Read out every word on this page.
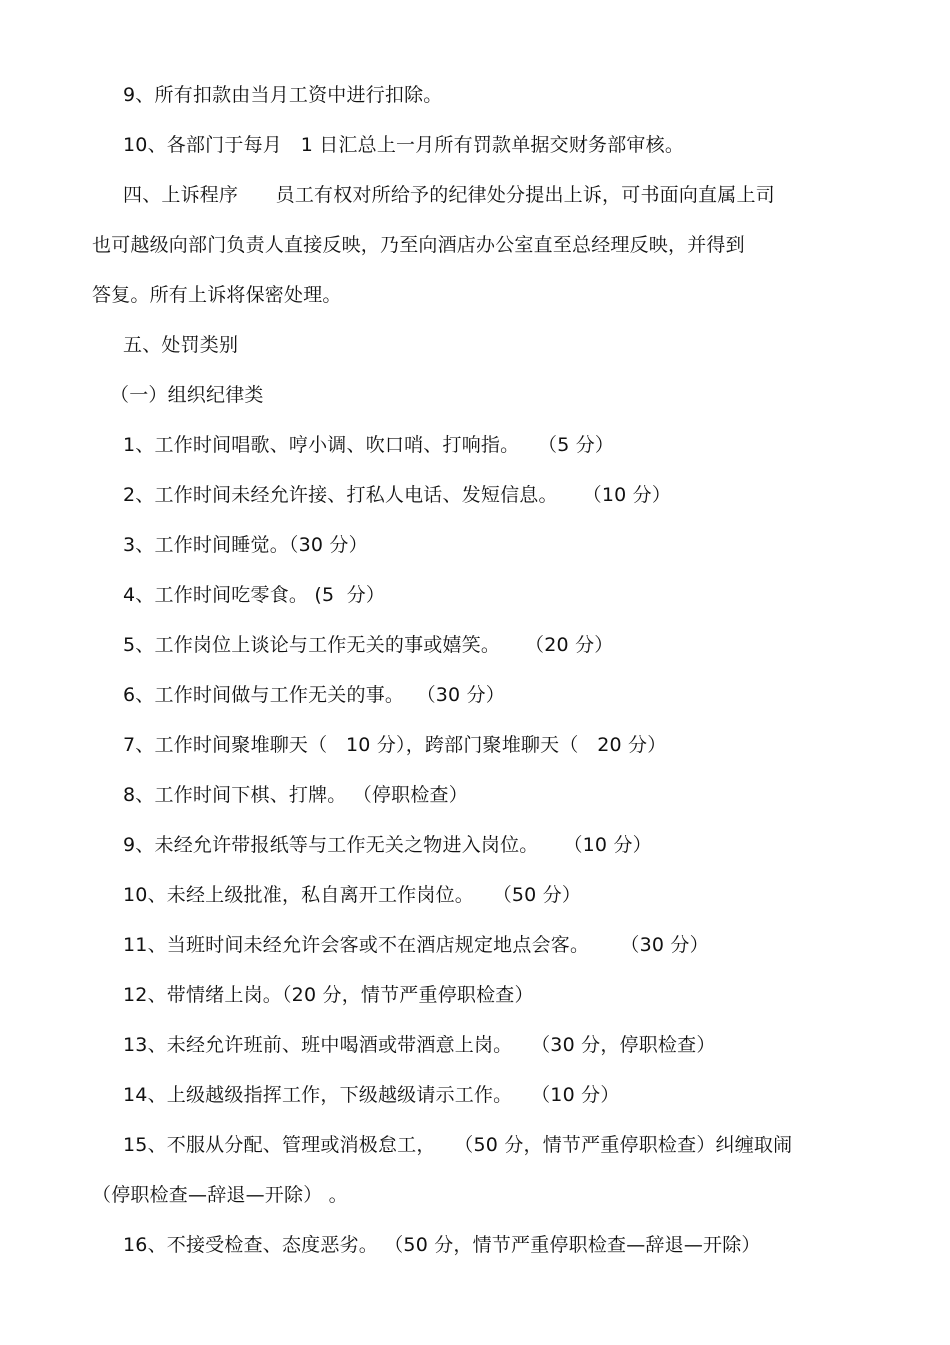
9、所有扣款由当月工资中进行扣除。
10、各部门于每月   1 日汇总上一月所有罚款单据交财务部审核。
四、上诉程序      员工有权对所给予的纪律处分提出上诉，可书面向直属上司
也可越级向部门负责人直接反映，乃至向酒店办公室直至总经理反映，并得到
答复。所有上诉将保密处理。
五、处罚类别
（一）组织纪律类
1、工作时间唱歌、哼小调、吹口哨、打响指。   （5 分）
2、工作时间未经允许接、打私人电话、发短信息。    （10 分）
3、工作时间睡觉。（30 分）
4、工作时间吃零食。 (5  分）
5、工作岗位上谈论与工作无关的事或嬉笑。    （20 分）
6、工作时间做与工作无关的事。  （30 分）
7、工作时间聚堆聊天（   10 分），跨部门聚堆聊天（   20 分）
8、工作时间下棋、打牌。 （停职检查）
9、未经允许带报纸等与工作无关之物进入岗位。    （10 分）
10、未经上级批准，私自离开工作岗位。   （50 分）
11、当班时间未经允许会客或不在酒店规定地点会客。     （30 分）
12、带情绪上岗。（20 分，情节严重停职检查）
13、未经允许班前、班中喝酒或带酒意上岗。   （30 分，停职检查）
14、上级越级指挥工作，下级越级请示工作。   （10 分）
15、不服从分配、管理或消极怠工，   （50 分，情节严重停职检查）纠缠取闹
（停职检查—辞退—开除） 。
16、不接受检查、态度恶劣。 （50 分，情节严重停职检查—辞退—开除）
